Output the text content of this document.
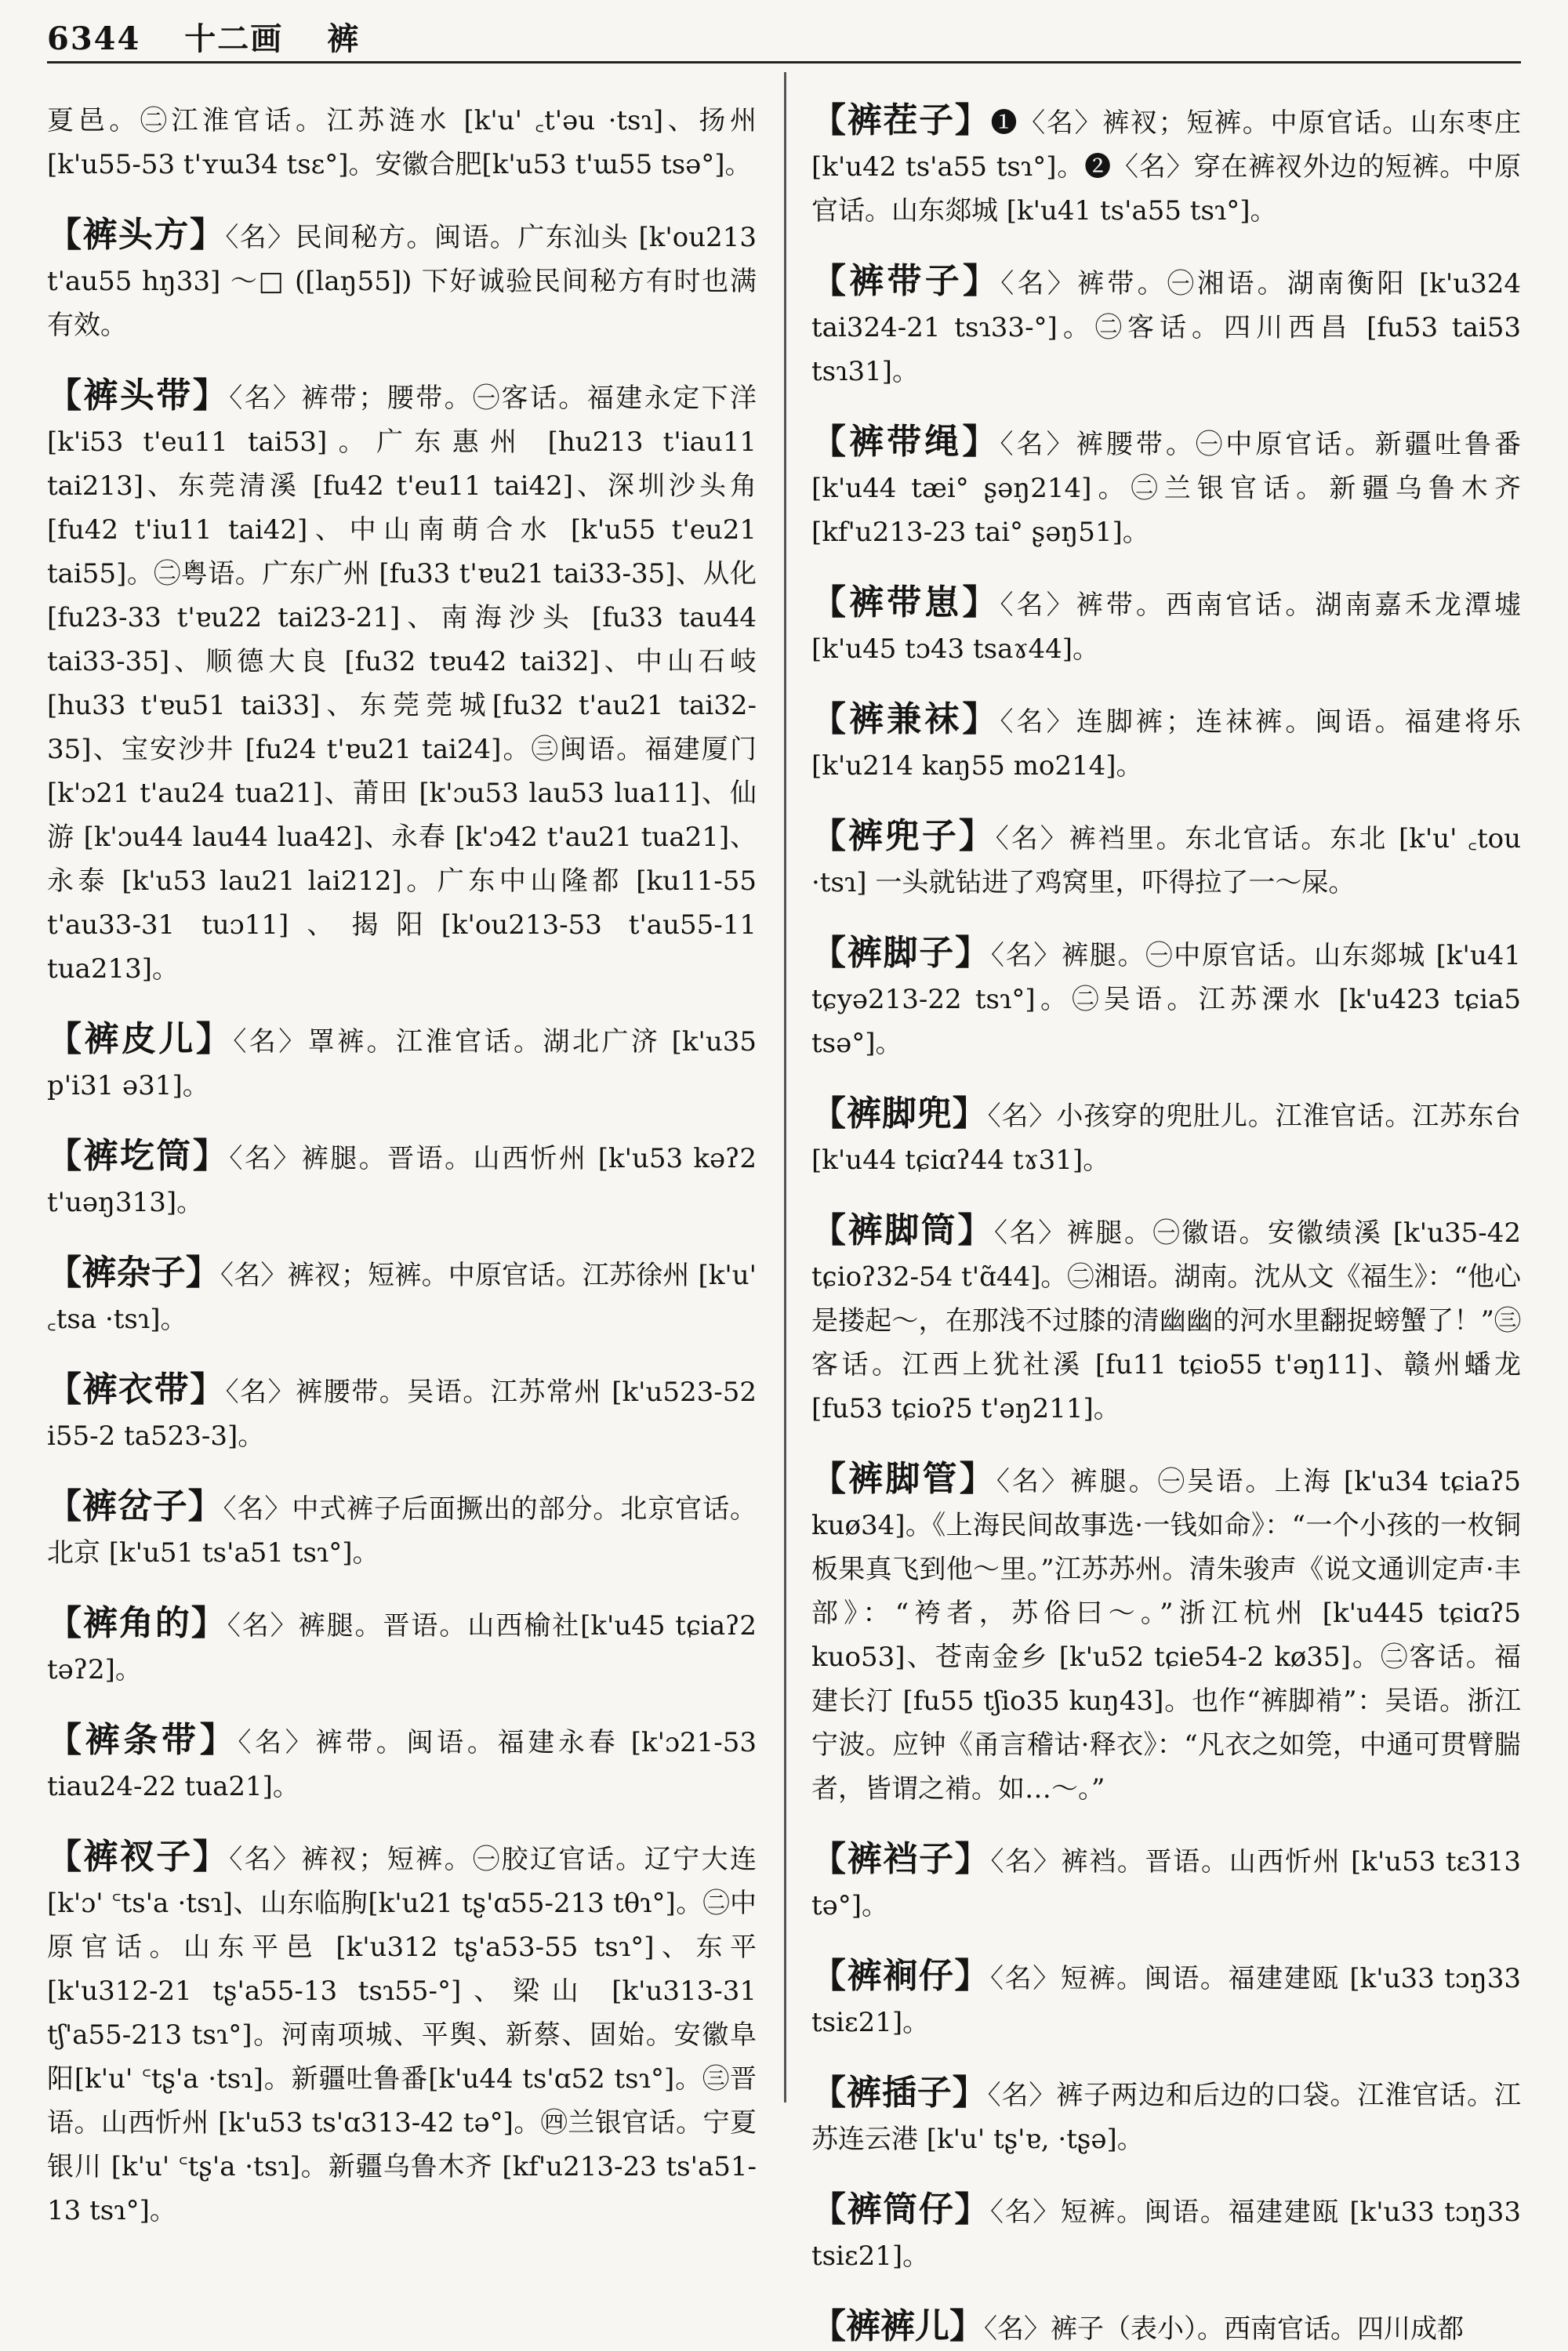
6344 十二画 裤

夏邑。㊁江淮官话。江苏涟水 [k'u' ꜀t'əu ·tsɿ]、扬州[k'u55-53 t'ʏɯ34 tsɛ°]。安徽合肥[k'u53 t'ɯ55 tsə°]。

【裤头方】〈名〉民间秘方。闽语。广东汕头 [k'ou213 t'au55 hŋ33] ～□ ([laŋ55]) 下好诚验民间秘方有时也满有效。

【裤头带】〈名〉裤带；腰带。㊀客话。福建永定下洋 [k'i53 t'eu11 tai53]。广东惠州 [hu213 t'iau11 tai213]、东莞清溪 [fu42 t'eu11 tai42]、深圳沙头角 [fu42 t'iu11 tai42]、中山南萌合水 [k'u55 t'eu21 tai55]。㊁粤语。广东广州 [fu33 t'ɐu21 tai33-35]、从化[fu23-33 t'ɐu22 tai23-21]、南海沙头 [fu33 tau44 tai33-35]、顺德大良 [fu32 tɐu42 tai32]、中山石岐 [hu33 t'ɐu51 tai33]、东莞莞城[fu32 t'au21 tai32-35]、宝安沙井 [fu24 t'ɐu21 tai24]。㊂闽语。福建厦门 [k'ɔ21 t'au24 tua21]、莆田 [k'ɔu53 lau53 lua11]、仙游 [k'ɔu44 lau44 lua42]、永春 [k'ɔ42 t'au21 tua21]、永泰 [k'u53 lau21 lai212]。广东中山隆都 [ku11-55 t'au33-31 tuɔ11]、揭阳[k'ou213-53 t'au55-11 tua213]。

【裤皮儿】〈名〉罩裤。江淮官话。湖北广济 [k'u35 p'i31 ə31]。

【裤圪筒】〈名〉裤腿。晋语。山西忻州 [k'u53 kəʔ2 t'uəŋ313]。

【裤杂子】〈名〉裤衩；短裤。中原官话。江苏徐州 [k'u' ꜀tsa ·tsɿ]。

【裤衣带】〈名〉裤腰带。吴语。江苏常州 [k'u523-52 i55-2 ta523-3]。

【裤岔子】〈名〉中式裤子后面撅出的部分。北京官话。北京 [k'u51 ts'a51 tsɿ°]。

【裤角的】〈名〉裤腿。晋语。山西榆社[k'u45 tɕiaʔ2 təʔ2]。

【裤条带】〈名〉裤带。闽语。福建永春 [k'ɔ21-53 tiau24-22 tua21]。

【裤衩子】〈名〉裤衩；短裤。㊀胶辽官话。辽宁大连 [k'ɔ' ꜂ts'a ·tsɿ]、山东临朐[k'u21 tʂ'ɑ55-213 tθɿ°]。㊁中原官话。山东平邑 [k'u312 tʂ'a53-55 tsɿ°]、东平 [k'u312-21 tʂ'a55-13 tsɿ55-°]、梁山 [k'u313-31 tʃ'a55-213 tsɿ°]。河南项城、平舆、新蔡、固始。安徽阜阳[k'u' ꜂tʂ'a ·tsɿ]。新疆吐鲁番[k'u44 ts'ɑ52 tsɿ°]。㊂晋语。山西忻州 [k'u53 ts'ɑ313-42 tə°]。㊃兰银官话。宁夏银川 [k'u' ꜂tʂ'a ·tsɿ]。新疆乌鲁木齐 [kf'u213-23 ts'a51-13 tsɿ°]。

【裤茬子】❶〈名〉裤衩；短裤。中原官话。山东枣庄 [k'u42 ts'a55 tsɿ°]。❷〈名〉穿在裤衩外边的短裤。中原官话。山东郯城 [k'u41 ts'a55 tsɿ°]。

【裤带子】〈名〉裤带。㊀湘语。湖南衡阳 [k'u324 tai324-21 tsɿ33-°]。㊁客话。四川西昌 [fu53 tai53 tsɿ31]。

【裤带绳】〈名〉裤腰带。㊀中原官话。新疆吐鲁番 [k'u44 tæi° ʂəŋ214]。㊁兰银官话。新疆乌鲁木齐 [kf'u213-23 tai° ʂəŋ51]。

【裤带崽】〈名〉裤带。西南官话。湖南嘉禾龙潭墟 [k'u45 tɔ43 tsaɤ44]。

【裤兼袜】〈名〉连脚裤；连袜裤。闽语。福建将乐 [k'u214 kaŋ55 mo214]。

【裤兜子】〈名〉裤裆里。东北官话。东北 [k'u' ꜀tou ·tsɿ] 一头就钻进了鸡窝里，吓得拉了一～屎。

【裤脚子】〈名〉裤腿。㊀中原官话。山东郯城 [k'u41 tɕyə213-22 tsɿ°]。㊁吴语。江苏溧水 [k'u423 tɕia5 tsə°]。

【裤脚兜】〈名〉小孩穿的兜肚儿。江淮官话。江苏东台 [k'u44 tɕiɑʔ44 tɤ31]。

【裤脚筒】〈名〉裤腿。㊀徽语。安徽绩溪 [k'u35-42 tɕioʔ32-54 t'ɑ̃44]。㊁湘语。湖南。沈从文《福生》：“他心是搂起～，在那浅不过膝的清幽幽的河水里翻捉螃蟹了！”㊂客话。江西上犹社溪 [fu11 tɕio55 t'əŋ11]、赣州蟠龙[fu53 tɕioʔ5 t'əŋ211]。

【裤脚管】〈名〉裤腿。㊀吴语。上海 [k'u34 tɕiaʔ5 kuø34]。《上海民间故事选·一钱如命》：“一个小孩的一枚铜板果真飞到他～里。”江苏苏州。清朱骏声《说文通训定声·丰部》：“袴者，苏俗曰～。”浙江杭州 [k'u445 tɕiɑʔ5 kuo53]、苍南金乡 [k'u52 tɕie54-2 kø35]。㊁客话。福建长汀 [fu55 tʃio35 kuŋ43]。也作“裤脚褃”：吴语。浙江宁波。应钟《甬言稽诂·释衣》：“凡衣之如筦，中通可贯臂腨者，皆谓之褃。如…～。”

【裤裆子】〈名〉裤裆。晋语。山西忻州 [k'u53 tɛ313 tə°]。

【裤裥仔】〈名〉短裤。闽语。福建建瓯 [k'u33 tɔŋ33 tsiɛ21]。

【裤插子】〈名〉裤子两边和后边的口袋。江淮官话。江苏连云港 [k'u' tʂ'ɐ, ·tʂə]。

【裤筒仔】〈名〉短裤。闽语。福建建瓯 [k'u33 tɔŋ33 tsiɛ21]。

【裤裤儿】〈名〉裤子（表小）。西南官话。四川成都
